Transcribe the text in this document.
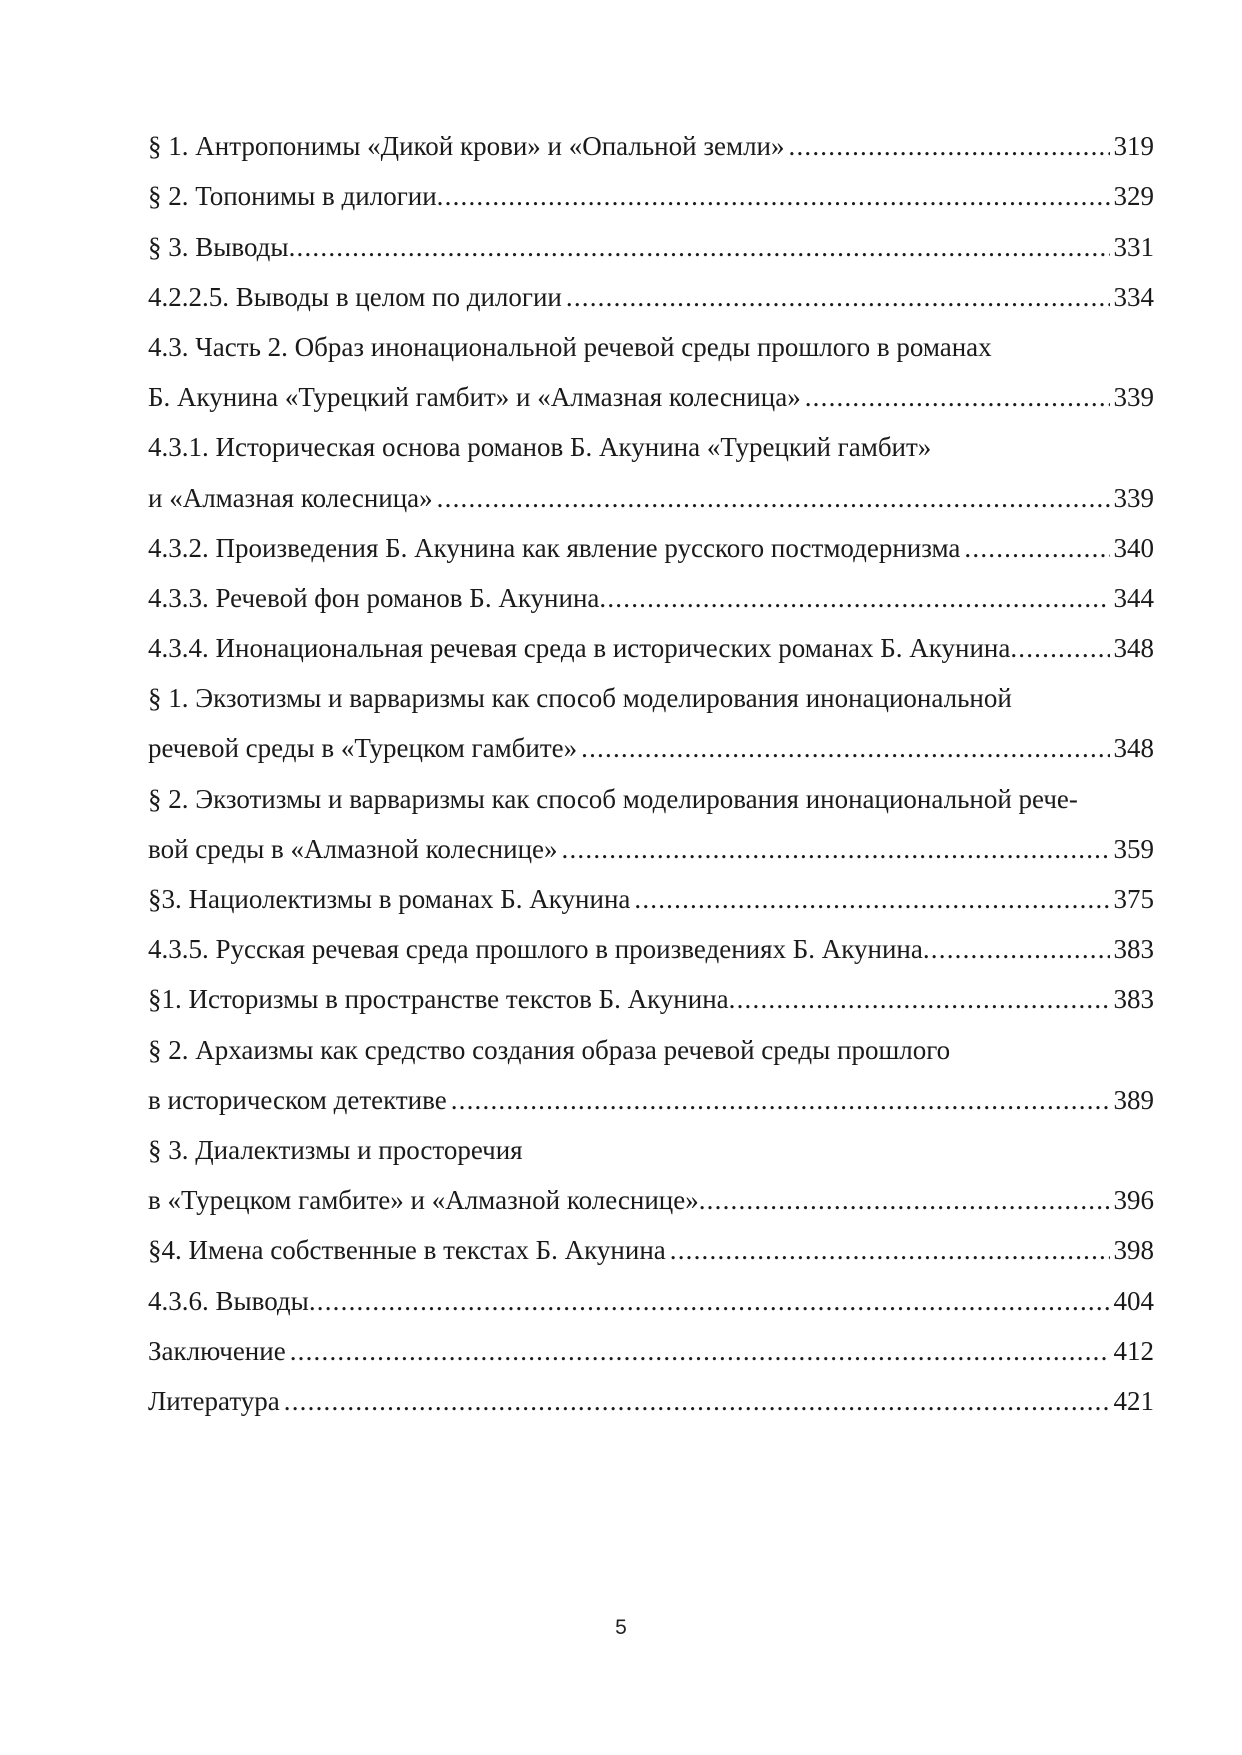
§ 1. Антропонимы «Дикой крови» и «Опальной земли» .....	319
§ 2. Топонимы в дилогии .....	329
§ 3. Выводы .....	331
4.2.2.5. Выводы в целом по дилогии .....	334
4.3. Часть 2. Образ инонациональной речевой среды прошлого в романах
Б. Акунина «Турецкий гамбит» и «Алмазная колесница» .....	339
4.3.1. Историческая основа романов Б. Акунина «Турецкий гамбит»
и «Алмазная колесница» .....	339
4.3.2. Произведения Б. Акунина как явление русского постмодернизма .....	340
4.3.3. Речевой фон романов Б. Акунина .....	344
4.3.4. Инонациональная речевая среда в исторических романах Б. Акунина .....	348
§ 1. Экзотизмы и варваризмы как способ моделирования инонациональной
речевой среды в «Турецком гамбите» .....	348
§ 2. Экзотизмы и варваризмы как способ моделирования инонациональной рече-
вой среды в «Алмазной колеснице» .....	359
§3. Нациолектизмы в романах Б. Акунина .....	375
4.3.5. Русская речевая среда прошлого в произведениях Б. Акунина .....	383
§1. Историзмы в пространстве текстов Б. Акунина .....	383
§ 2. Архаизмы как средство создания образа речевой среды прошлого
в историческом детективе .....	389
§ 3. Диалектизмы и просторечия
в «Турецком гамбите» и «Алмазной колеснице» .....	396
§4. Имена собственные в текстах Б. Акунина .....	398
4.3.6. Выводы .....	404
Заключение .....	412
Литература .....	421
5
